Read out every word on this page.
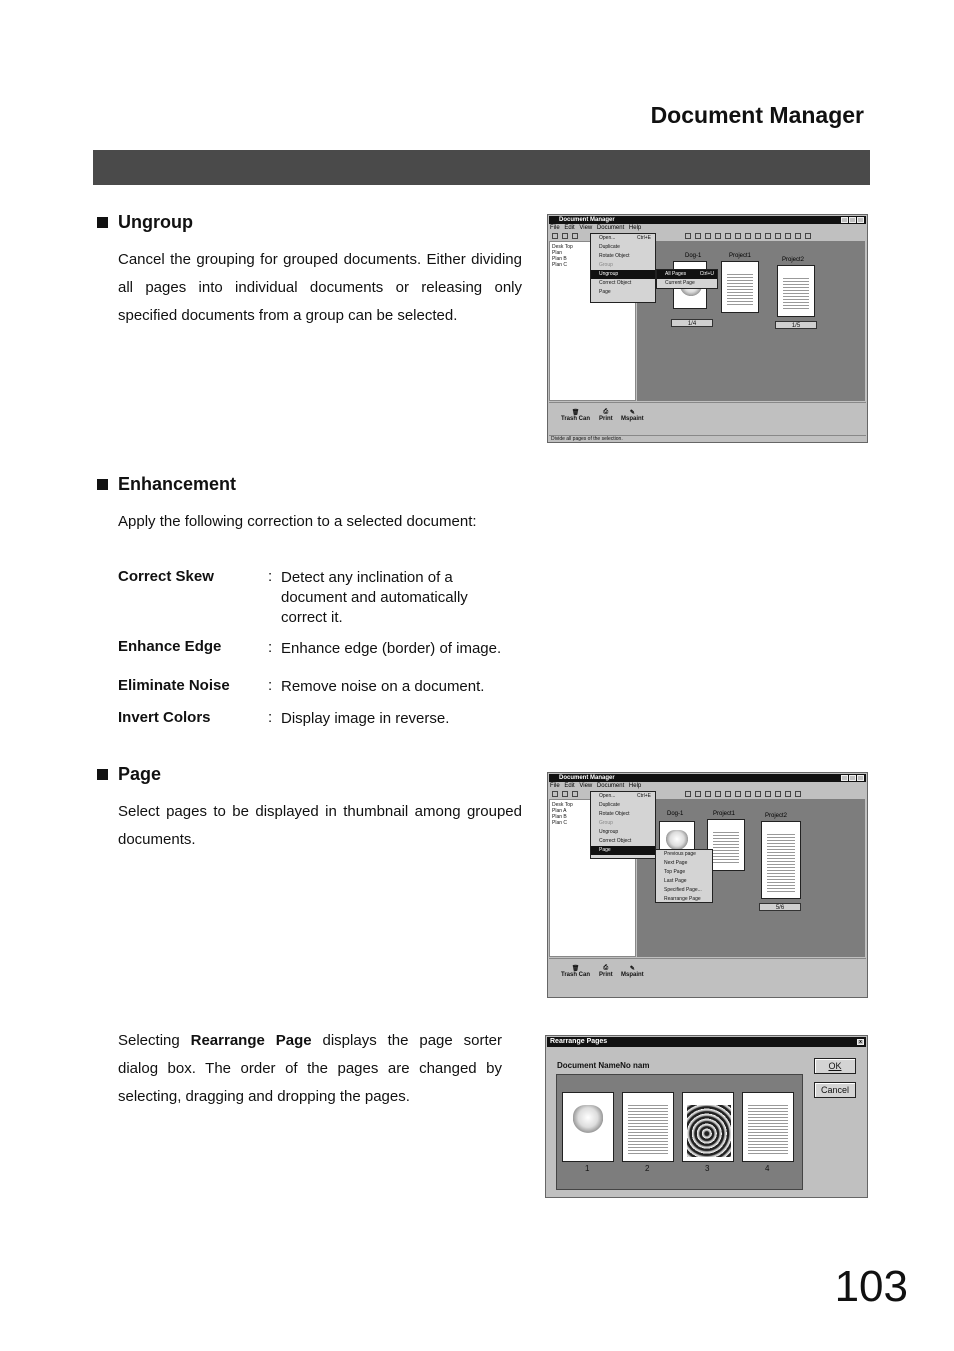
Document Manager
Ungroup
Cancel the grouping for grouped documents. Either dividing all pages into individual documents or releasing only specified documents from a group can be selected.
Document Manager
File Edit View Document Help

Desk Top
Plan
Plan B
Plan C
Dog-1	Project1
Project2
1/4	1/5
Open...	Ctrl+E
Duplicate
Rotate Object
Group
Ungroup
Correct Object
Page
All Pages	Ctrl+U
Current Page
🗑
Trash Can
⎙
Print
✎
Mspaint
Divide all pages of the selection.
Enhancement
Apply the following correction to a selected document:
Correct Skew	: Detect any inclination of a document and automatically correct it.
Enhance Edge	: Enhance edge (border) of image.
Eliminate Noise	: Remove noise on a document.
Invert Colors	: Display image in reverse.
Page
Select pages to be displayed in thumbnail among grouped documents.
Document Manager
File Edit View Document Help

Desk Top
Plan A
Plan B
Plan C
Dog-1	Project1	Project2
5/6
Open...	Ctrl+E
Duplicate
Rotate Object
Group
Ungroup
Correct Object
Page
Previous page
Next Page
Top Page
Last Page
Specified Page...
Rearrange Page
🗑
Trash Can
⎙
Print
✎
Mspaint
Selecting Rearrange Page displays the page sorter dialog box. The order of the pages are changed by selecting, dragging and dropping the pages.
Rearrange Pages	x
Document NameNo nam	OK
Cancel
1	2	3	4
103
